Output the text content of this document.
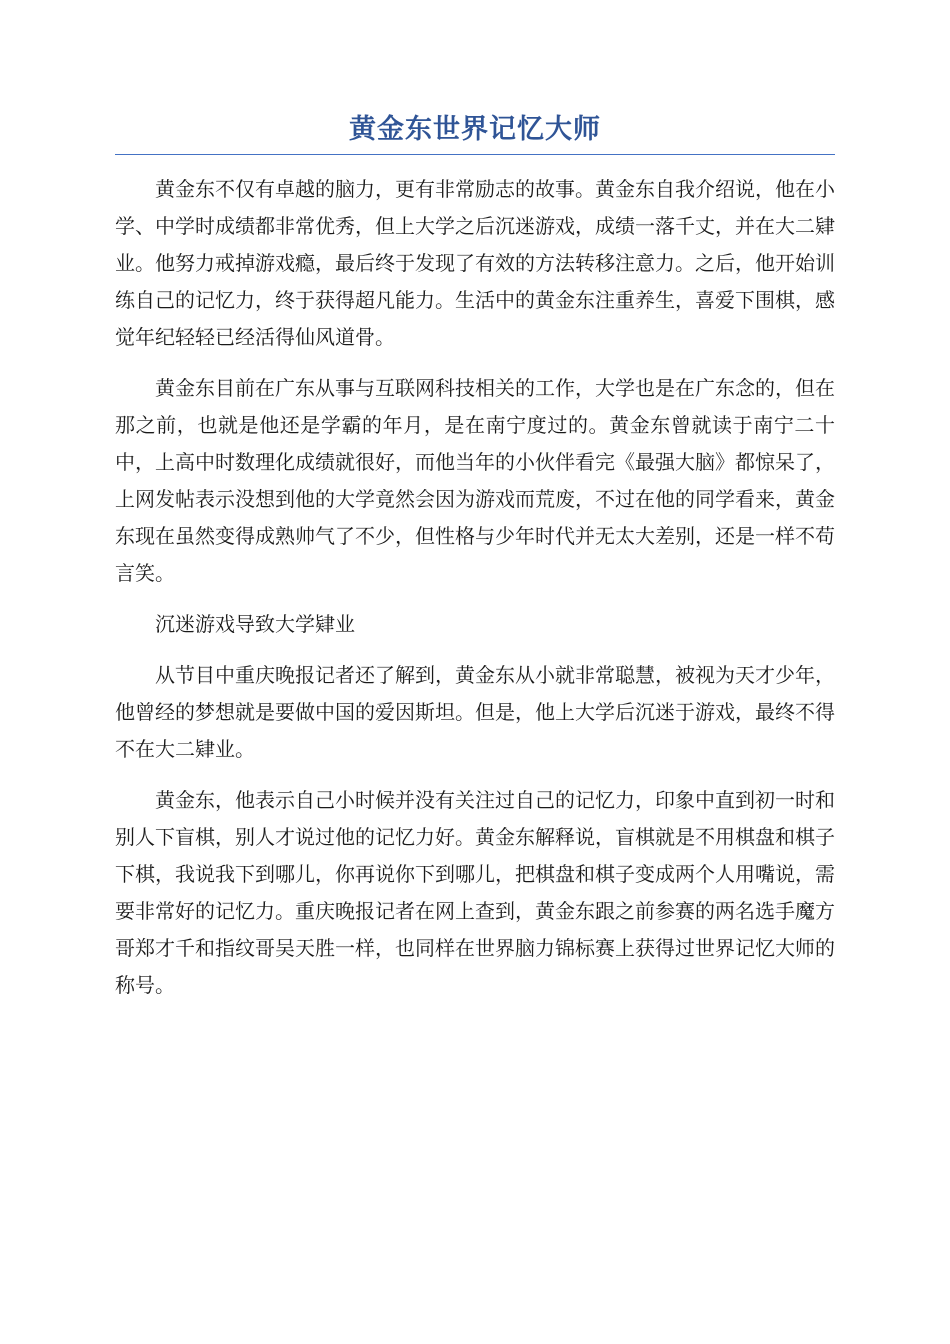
黄金东世界记忆大师

黄金东不仅有卓越的脑力，更有非常励志的故事。黄金东自我介绍说，他在小学、中学时成绩都非常优秀，但上大学之后沉迷游戏，成绩一落千丈，并在大二肄业。他努力戒掉游戏瘾，最后终于发现了有效的方法转移注意力。之后，他开始训练自己的记忆力，终于获得超凡能力。生活中的黄金东注重养生，喜爱下围棋，感觉年纪轻轻已经活得仙风道骨。

黄金东目前在广东从事与互联网科技相关的工作，大学也是在广东念的，但在那之前，也就是他还是学霸的年月，是在南宁度过的。黄金东曾就读于南宁二十中，上高中时数理化成绩就很好，而他当年的小伙伴看完《最强大脑》都惊呆了，上网发帖表示没想到他的大学竟然会因为游戏而荒废，不过在他的同学看来，黄金东现在虽然变得成熟帅气了不少，但性格与少年时代并无太大差别，还是一样不苟言笑。

沉迷游戏导致大学肄业

从节目中重庆晚报记者还了解到，黄金东从小就非常聪慧，被视为天才少年，他曾经的梦想就是要做中国的爱因斯坦。但是，他上大学后沉迷于游戏，最终不得不在大二肄业。

黄金东，他表示自己小时候并没有关注过自己的记忆力，印象中直到初一时和别人下盲棋，别人才说过他的记忆力好。黄金东解释说，盲棋就是不用棋盘和棋子下棋，我说我下到哪儿，你再说你下到哪儿，把棋盘和棋子变成两个人用嘴说，需要非常好的记忆力。重庆晚报记者在网上查到，黄金东跟之前参赛的两名选手魔方哥郑才千和指纹哥吴天胜一样，也同样在世界脑力锦标赛上获得过世界记忆大师的称号。
